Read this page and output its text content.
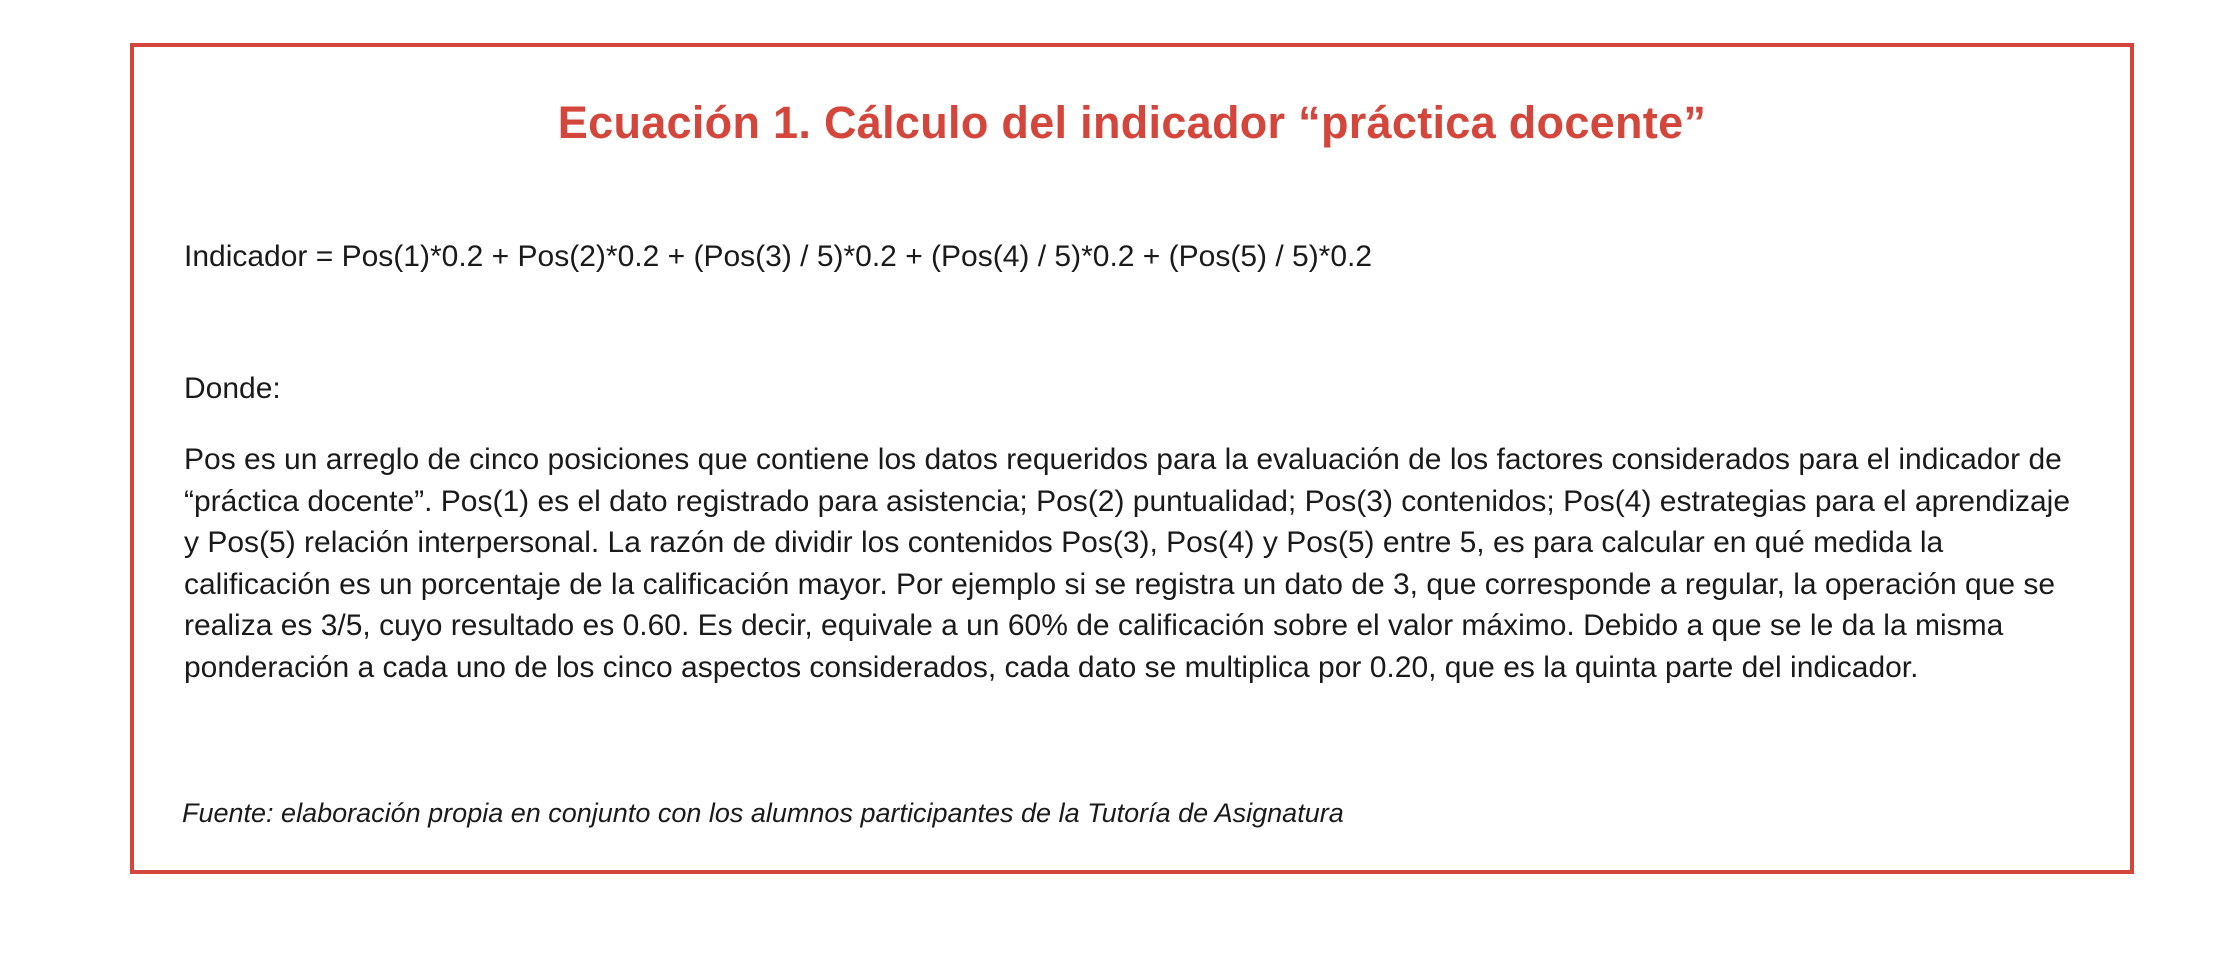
Ecuación 1. Cálculo del indicador “práctica docente”
Indicador = Pos(1)*0.2 + Pos(2)*0.2 + (Pos(3) / 5)*0.2 + (Pos(4) / 5)*0.2 + (Pos(5) / 5)*0.2
Donde:
Pos es un arreglo de cinco posiciones que contiene los datos requeridos para la evaluación de los factores considerados para el indicador de “práctica docente”. Pos(1) es el dato registrado para asistencia; Pos(2) puntualidad; Pos(3) contenidos; Pos(4) estrategias para el aprendizaje y Pos(5) relación interpersonal. La razón de dividir los contenidos Pos(3), Pos(4) y Pos(5) entre 5, es para calcular en qué medida la calificación es un porcentaje de la calificación mayor. Por ejemplo si se registra un dato de 3, que corresponde a regular, la operación que se realiza es 3/5, cuyo resultado es 0.60. Es decir, equivale a un 60% de calificación sobre el valor máximo. Debido a que se le da la misma ponderación a cada uno de los cinco aspectos considerados, cada dato se multiplica por 0.20, que es la quinta parte del indicador.
Fuente: elaboración propia en conjunto con los alumnos participantes de la Tutoría de Asignatura
